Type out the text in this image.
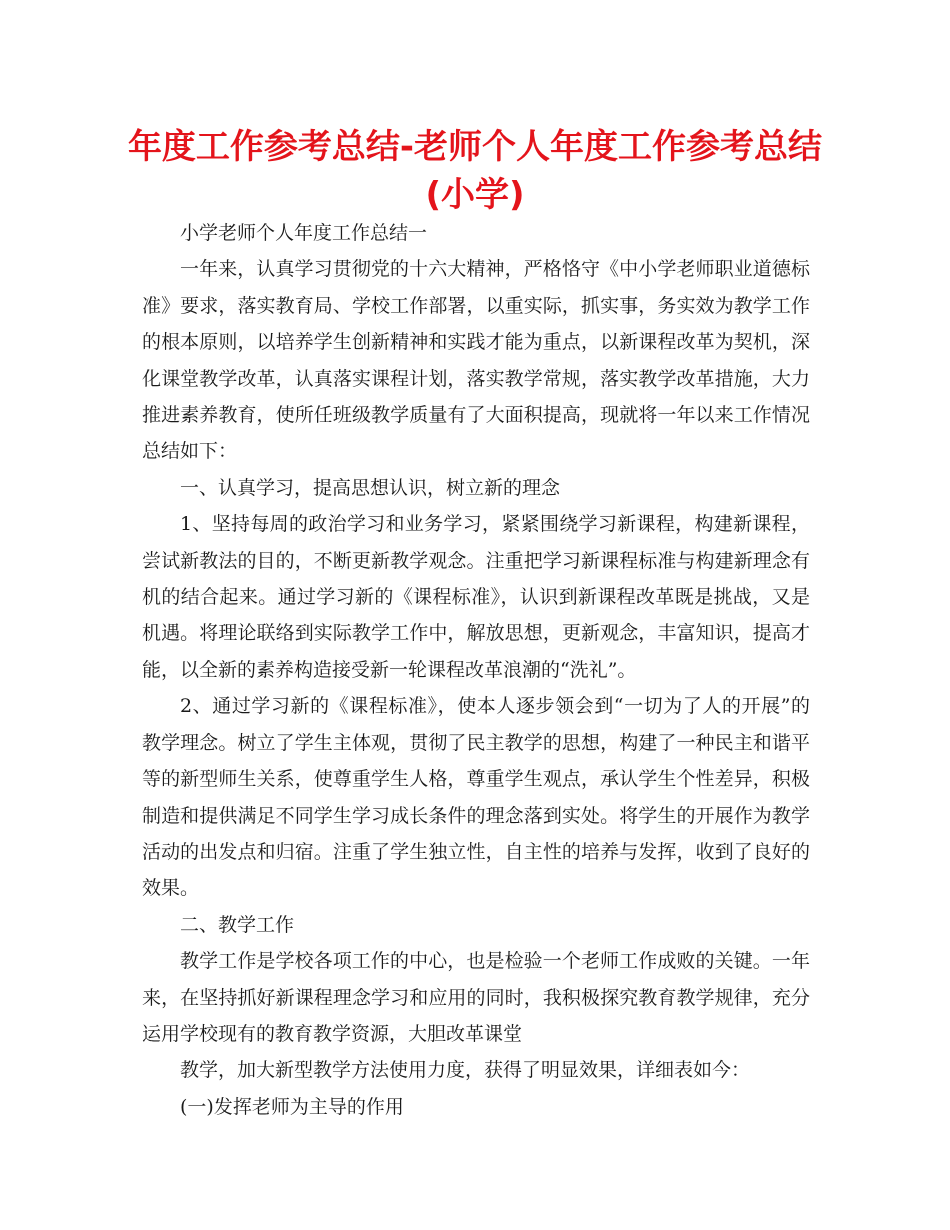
年度工作参考总结-老师个人年度工作参考总结
(小学)

小学老师个人年度工作总结一

一年来，认真学习贯彻党的十六大精神，严格恪守《中小学老师职业道德标准》要求，落实教育局、学校工作部署，以重实际，抓实事，务实效为教学工作的根本原则，以培养学生创新精神和实践才能为重点，以新课程改革为契机，深化课堂教学改革，认真落实课程计划，落实教学常规，落实教学改革措施，大力推进素养教育，使所任班级教学质量有了大面积提高，现就将一年以来工作情况总结如下：

一、认真学习，提高思想认识，树立新的理念

1、坚持每周的政治学习和业务学习，紧紧围绕学习新课程，构建新课程，尝试新教法的目的，不断更新教学观念。注重把学习新课程标准与构建新理念有机的结合起来。通过学习新的《课程标准》，认识到新课程改革既是挑战，又是机遇。将理论联络到实际教学工作中，解放思想，更新观念，丰富知识，提高才能，以全新的素养构造接受新一轮课程改革浪潮的“洗礼”。

2、通过学习新的《课程标准》，使本人逐步领会到“一切为了人的开展”的教学理念。树立了学生主体观，贯彻了民主教学的思想，构建了一种民主和谐平等的新型师生关系，使尊重学生人格，尊重学生观点，承认学生个性差异，积极制造和提供满足不同学生学习成长条件的理念落到实处。将学生的开展作为教学活动的出发点和归宿。注重了学生独立性，自主性的培养与发挥，收到了良好的效果。

二、教学工作

教学工作是学校各项工作的中心，也是检验一个老师工作成败的关键。一年来，在坚持抓好新课程理念学习和应用的同时，我积极探究教育教学规律，充分运用学校现有的教育教学资源，大胆改革课堂

教学，加大新型教学方法使用力度，获得了明显效果，详细表如今：

(一)发挥老师为主导的作用
